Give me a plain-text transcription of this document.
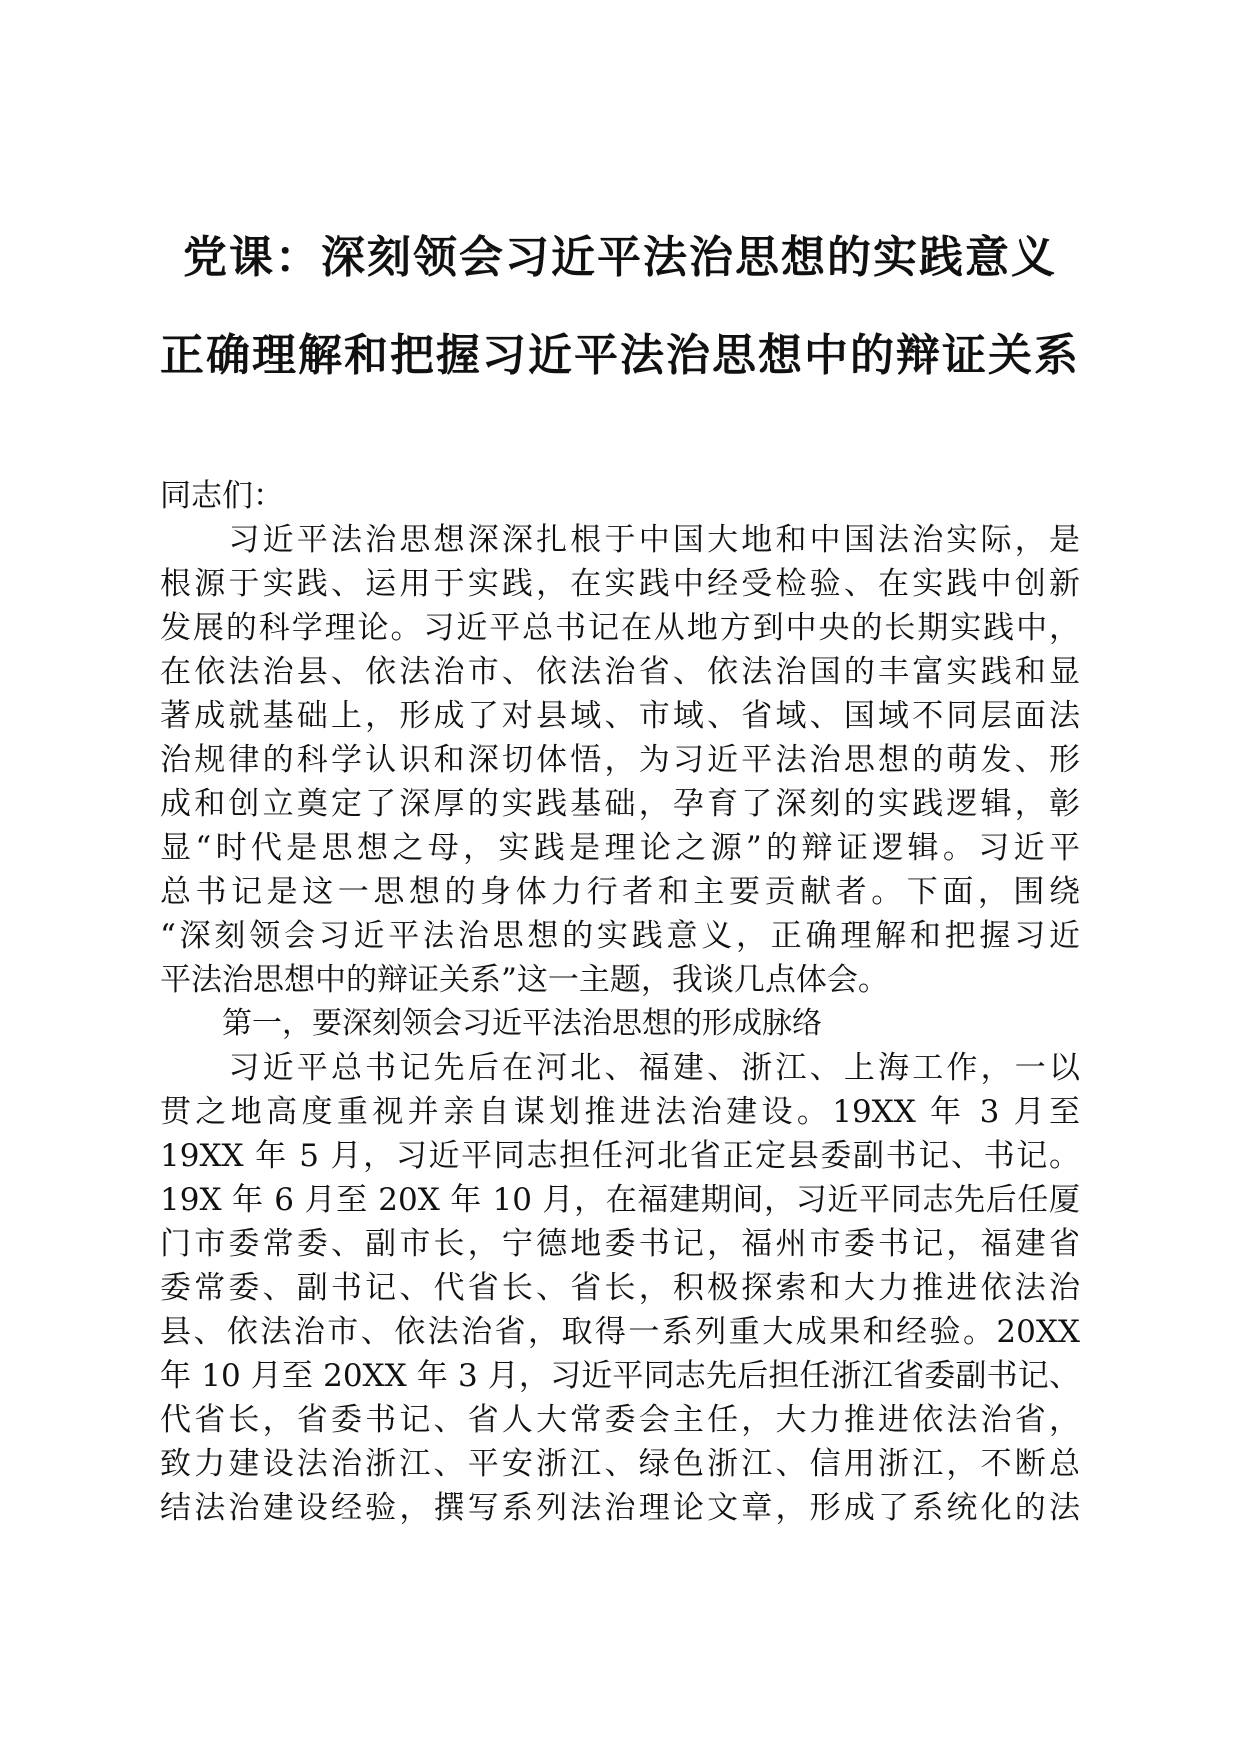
党课：深刻领会习近平法治思想的实践意义
正确理解和把握习近平法治思想中的辩证关系
同志们：
　　习近平法治思想深深扎根于中国大地和中国法治实际，是
根源于实践、运用于实践，在实践中经受检验、在实践中创新
发展的科学理论。习近平总书记在从地方到中央的长期实践中，
在依法治县、依法治市、依法治省、依法治国的丰富实践和显
著成就基础上，形成了对县域、市域、省域、国域不同层面法
治规律的科学认识和深切体悟，为习近平法治思想的萌发、形
成和创立奠定了深厚的实践基础，孕育了深刻的实践逻辑，彰
显“时代是思想之母，实践是理论之源”的辩证逻辑。习近平
总书记是这一思想的身体力行者和主要贡献者。下面，围绕
“深刻领会习近平法治思想的实践意义，正确理解和把握习近
平法治思想中的辩证关系”这一主题，我谈几点体会。
第一，要深刻领会习近平法治思想的形成脉络
　　习近平总书记先后在河北、福建、浙江、上海工作，一以
贯之地高度重视并亲自谋划推进法治建设。19XX 年 3 月至
19XX 年 5 月，习近平同志担任河北省正定县委副书记、书记。
19X 年 6 月至 20X 年 10 月，在福建期间，习近平同志先后任厦
门市委常委、副市长，宁德地委书记，福州市委书记，福建省
委常委、副书记、代省长、省长，积极探索和大力推进依法治
县、依法治市、依法治省，取得一系列重大成果和经验。20XX
年 10 月至 20XX 年 3 月，习近平同志先后担任浙江省委副书记、
代省长，省委书记、省人大常委会主任，大力推进依法治省，
致力建设法治浙江、平安浙江、绿色浙江、信用浙江，不断总
结法治建设经验，撰写系列法治理论文章，形成了系统化的法
